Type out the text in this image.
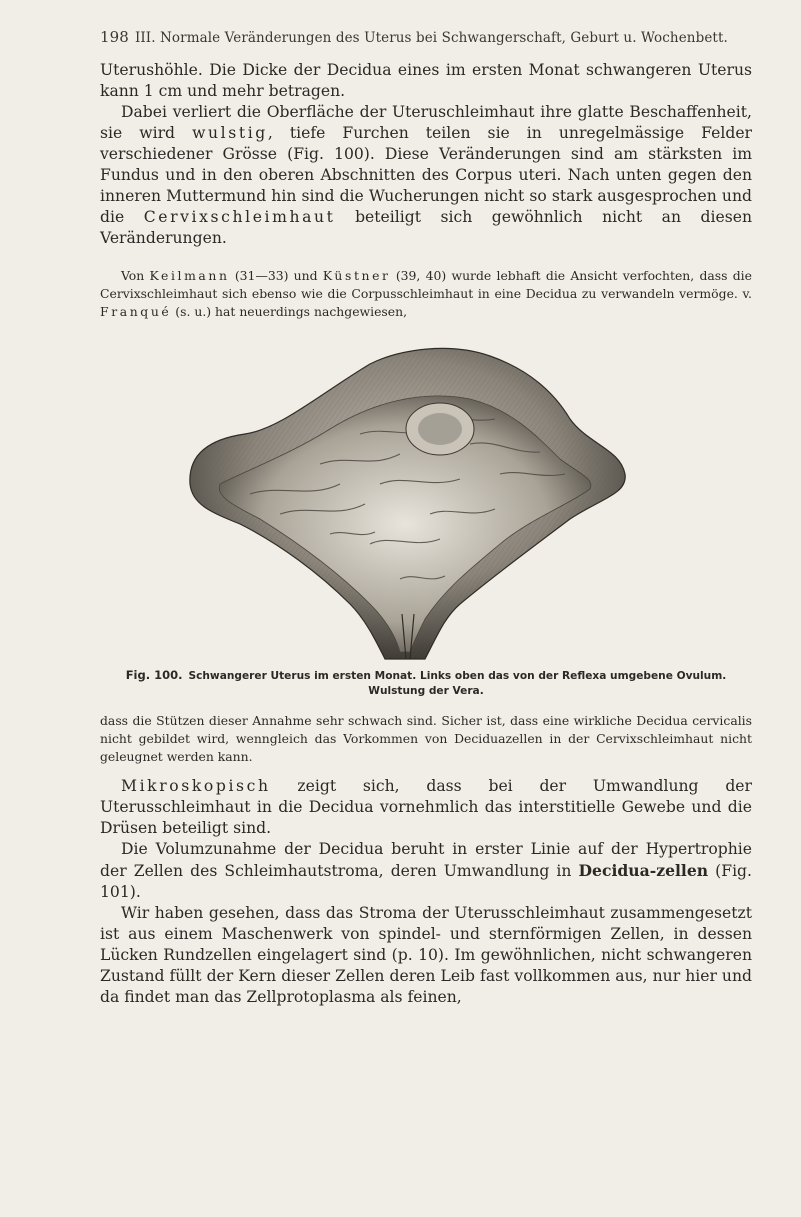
198 III. Normale Veränderungen des Uterus bei Schwangerschaft, Geburt u. Wochenbett.

Uterushöhle. Die Dicke der Decidua eines im ersten Monat schwangeren Uterus kann 1 cm und mehr betragen.

Dabei verliert die Oberfläche der Uteruschleimhaut ihre glatte Beschaffenheit, sie wird wulstig, tiefe Furchen teilen sie in unregelmässige Felder verschiedener Grösse (Fig. 100). Diese Veränderungen sind am stärksten im Fundus und in den oberen Abschnitten des Corpus uteri. Nach unten gegen den inneren Muttermund hin sind die Wucherungen nicht so stark ausgesprochen und die Cervixschleimhaut beteiligt sich gewöhnlich nicht an diesen Veränderungen.

Von Keilmann (31—33) und Küstner (39, 40) wurde lebhaft die Ansicht verfochten, dass die Cervixschleimhaut sich ebenso wie die Corpusschleimhaut in eine Decidua zu verwandeln vermöge. v. Franqué (s. u.) hat neuerdings nachgewiesen,

Fig. 100. Schwangerer Uterus im ersten Monat. Links oben das von der Reflexa umgebene Ovulum. Wulstung der Vera.

dass die Stützen dieser Annahme sehr schwach sind. Sicher ist, dass eine wirkliche Decidua cervicalis nicht gebildet wird, wenngleich das Vorkommen von Deciduazellen in der Cervixschleimhaut nicht geleugnet werden kann.

Mikroskopisch zeigt sich, dass bei der Umwandlung der Uterusschleimhaut in die Decidua vornehmlich das interstitielle Gewebe und die Drüsen beteiligt sind.

Die Volumzunahme der Decidua beruht in erster Linie auf der Hypertrophie der Zellen des Schleimhautstroma, deren Umwandlung in Decidua-zellen (Fig. 101).

Wir haben gesehen, dass das Stroma der Uterusschleimhaut zusammengesetzt ist aus einem Maschenwerk von spindel- und sternförmigen Zellen, in dessen Lücken Rundzellen eingelagert sind (p. 10). Im gewöhnlichen, nicht schwangeren Zustand füllt der Kern dieser Zellen deren Leib fast vollkommen aus, nur hier und da findet man das Zellprotoplasma als feinen,
